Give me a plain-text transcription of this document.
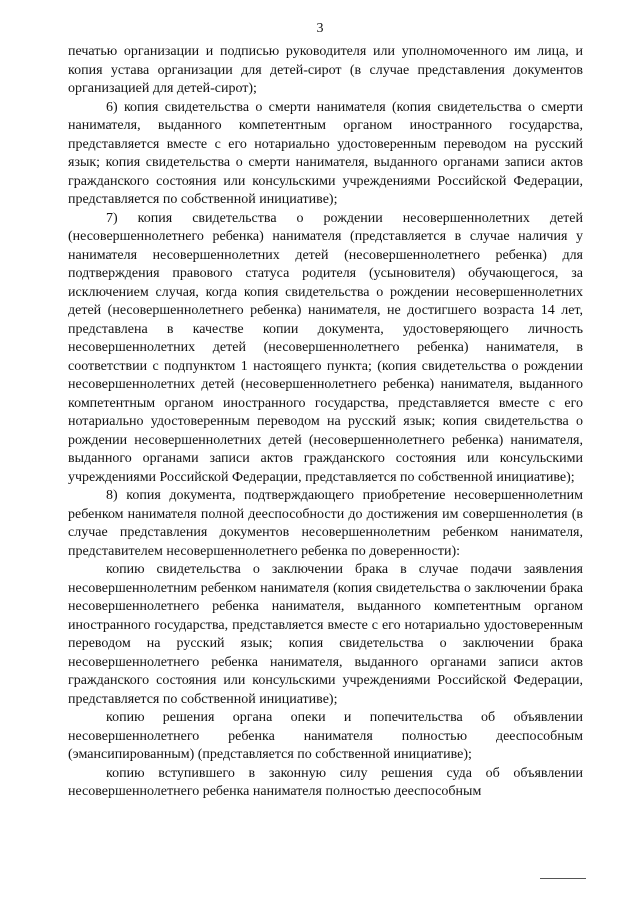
3

печатью организации и подписью руководителя или уполномоченного им лица, и копия устава организации для детей-сирот (в случае представления документов организацией для детей-сирот);

6) копия свидетельства о смерти нанимателя (копия свидетельства о смерти нанимателя, выданного компетентным органом иностранного государства, представляется вместе с его нотариально удостоверенным переводом на русский язык; копия свидетельства о смерти нанимателя, выданного органами записи актов гражданского состояния или консульскими учреждениями Российской Федерации, представляется по собственной инициативе);

7) копия свидетельства о рождении несовершеннолетних детей (несовершеннолетнего ребенка) нанимателя (представляется в случае наличия у нанимателя несовершеннолетних детей (несовершеннолетнего ребенка) для подтверждения правового статуса родителя (усыновителя) обучающегося, за исключением случая, когда копия свидетельства о рождении несовершеннолетних детей (несовершеннолетнего ребенка) нанимателя, не достигшего возраста 14 лет, представлена в качестве копии документа, удостоверяющего личность несовершеннолетних детей (несовершеннолетнего ребенка) нанимателя, в соответствии с подпунктом 1 настоящего пункта; (копия свидетельства о рождении несовершеннолетних детей (несовершеннолетнего ребенка) нанимателя, выданного компетентным органом иностранного государства, представляется вместе с его нотариально удостоверенным переводом на русский язык; копия свидетельства о рождении несовершеннолетних детей (несовершеннолетнего ребенка) нанимателя, выданного органами записи актов гражданского состояния или консульскими учреждениями Российской Федерации, представляется по собственной инициативе);

8) копия документа, подтверждающего приобретение несовершеннолетним ребенком нанимателя полной дееспособности до достижения им совершеннолетия (в случае представления документов несовершеннолетним ребенком нанимателя, представителем несовершеннолетнего ребенка по доверенности):

копию свидетельства о заключении брака в случае подачи заявления несовершеннолетним ребенком нанимателя (копия свидетельства о заключении брака несовершеннолетнего ребенка нанимателя, выданного компетентным органом иностранного государства, представляется вместе с его нотариально удостоверенным переводом на русский язык; копия свидетельства о заключении брака несовершеннолетнего ребенка нанимателя, выданного органами записи актов гражданского состояния или консульскими учреждениями Российской Федерации, представляется по собственной инициативе);

копию решения органа опеки и попечительства об объявлении несовершеннолетнего ребенка нанимателя полностью дееспособным (эмансипированным) (представляется по собственной инициативе);

копию вступившего в законную силу решения суда об объявлении несовершеннолетнего ребенка нанимателя полностью дееспособным
